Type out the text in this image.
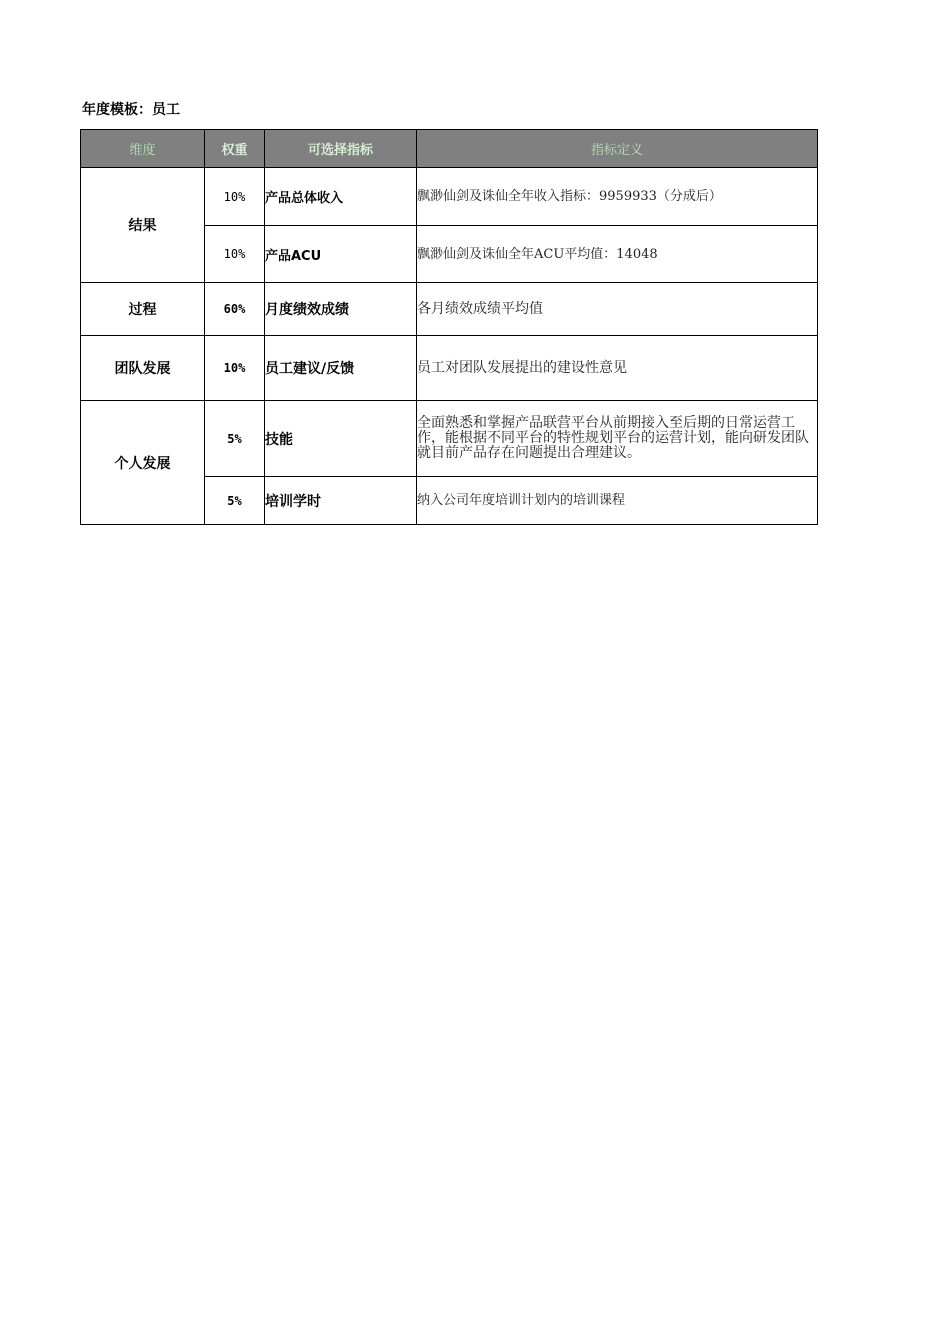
年度模板：员工
维度	权重	可选择指标	指标定义
结果	10%	产品总体收入	飘渺仙剑及诛仙全年收入指标：9959933（分成后）
	10%	产品ACU	飘渺仙剑及诛仙全年ACU平均值：14048
过程	60%	月度绩效成绩	各月绩效成绩平均值
团队发展	10%	员工建议/反馈	员工对团队发展提出的建设性意见
个人发展	5%	技能	全面熟悉和掌握产品联营平台从前期接入至后期的日常运营工作，能根据不同平台的特性规划平台的运营计划，能向研发团队就目前产品存在问题提出合理建议。
	5%	培训学时	纳入公司年度培训计划内的培训课程
